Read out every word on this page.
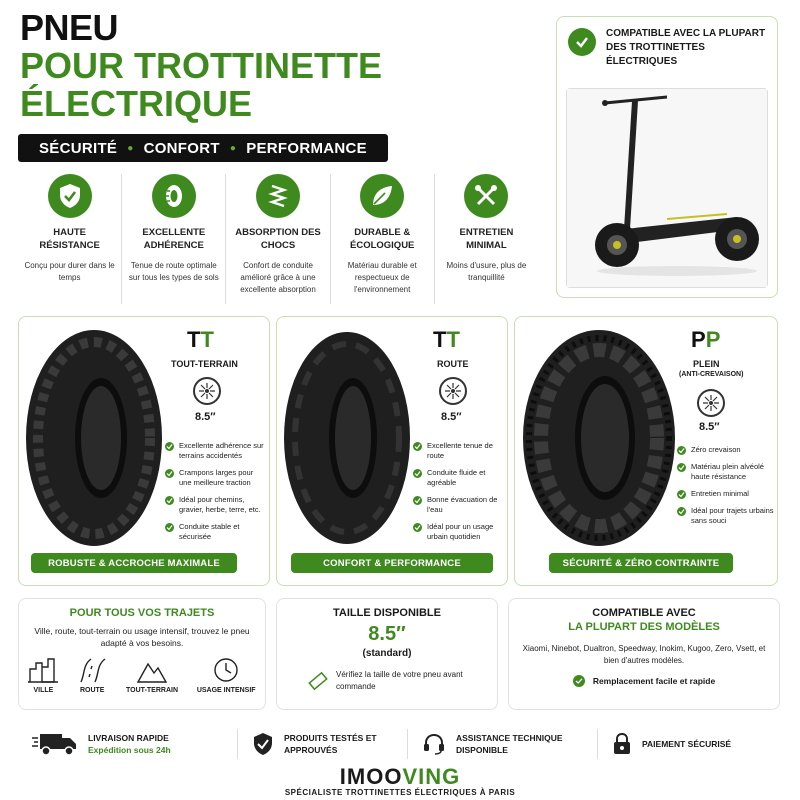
PNEU
POUR TROTTINETTE
ÉLECTRIQUE
SÉCURITÉ ● CONFORT ● PERFORMANCE
HAUTE RÉSISTANCE
Conçu pour durer dans le temps
EXCELLENTE ADHÉRENCE
Tenue de route optimale sur tous les types de sols
ABSORPTION DES CHOCS
Confort de conduite amélioré grâce à une excellente absorption
DURABLE & ÉCOLOGIQUE
Matériau durable et respectueux de l'environnement
ENTRETIEN MINIMAL
Moins d'usure, plus de tranquillité
COMPATIBLE AVEC LA PLUPART DES TROTTINETTES ÉLECTRIQUES
TT
TOUT-TERRAIN
8.5″
Excellente adhérence sur terrains accidentés
Crampons larges pour une meilleure traction
Idéal pour chemins, gravier, herbe, terre, etc.
Conduite stable et sécurisée
ROBUSTE & ACCROCHE MAXIMALE
TT
ROUTE
8.5″
Excellente tenue de route
Conduite fluide et agréable
Bonne évacuation de l'eau
Idéal pour un usage urbain quotidien
CONFORT & PERFORMANCE
PP
PLEIN
(ANTI-CREVAISON)
8.5″
Zéro crevaison
Matériau plein alvéolé haute résistance
Entretien minimal
Idéal pour trajets urbains sans souci
SÉCURITÉ & ZÉRO CONTRAINTE
POUR TOUS VOS TRAJETS
Ville, route, tout-terrain ou usage intensif, trouvez le pneu adapté à vos besoins.
VILLE	ROUTE	TOUT-TERRAIN	USAGE INTENSIF
TAILLE DISPONIBLE
8.5″
(standard)
Vérifiez la taille de votre pneu avant commande
COMPATIBLE AVEC
LA PLUPART DES MODÈLES
Xiaomi, Ninebot, Dualtron, Speedway, Inokim, Kugoo, Zero, Vsett, et bien d'autres modèles.
Remplacement facile et rapide
LIVRAISON RAPIDE
Expédition sous 24h
PRODUITS TESTÉS ET APPROUVÉS
ASSISTANCE TECHNIQUE DISPONIBLE
PAIEMENT SÉCURISÉ
IMOOVING
SPÉCIALISTE TROTTINETTES ÉLECTRIQUES À PARIS
